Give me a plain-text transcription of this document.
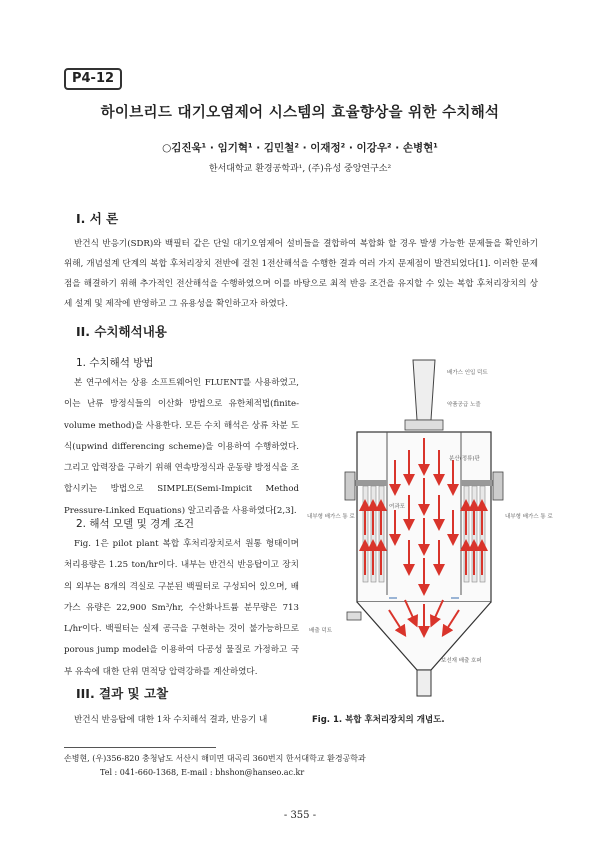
P4-12
하이브리드 대기오염제어 시스템의 효율향상을 위한 수치해석
○김진욱¹ · 임기혁¹ · 김민철² · 이재정² · 이강우² · 손병현¹
한서대학교 환경공학과¹, (주)유성 중앙연구소²
I. 서 론
반건식 반응기(SDR)와 백필터 같은 단일 대기오염제어 설비들을 결합하여 복합화 할 경우 발생 가능한 문제들을 확인하기 위해, 개념설계 단계의 복합 후처리장치 전반에 걸친 1전산해석을 수행한 결과 여러 가지 문제점이 발견되었다[1]. 이러한 문제점을 해결하기 위해 추가적인 전산해석을 수행하였으며 이를 바탕으로 최적 반응 조건을 유지할 수 있는 복합 후처리장치의 상세 설계 및 제작에 반영하고 그 유용성을 확인하고자 하였다.
II. 수치해석내용
1. 수치해석 방법
본 연구에서는 상용 소프트웨어인 FLUENT를 사용하였고, 이는 난류 방정식들의 이산화 방법으로 유한체적법(finite-volume method)을 사용한다. 모든 수치 해석은 상류 차분 도식(upwind differencing scheme)을 이용하여 수행하였다. 그리고 압력장을 구하기 위해 연속방정식과 운동량 방정식을 조합시키는 방법으로 SIMPLE(Semi-Impicit Method Pressure-Linked Equations) 알고리즘을 사용하였다[2,3].
2. 해석 모델 및 경계 조건
Fig. 1은 pilot plant 복합 후처리장치로서 원통 형태이며 처리용량은 1.25 ton/hr이다. 내부는 반건식 반응탑이고 장치의 외부는 8개의 격실로 구분된 백필터로 구성되어 있으며, 배가스 유량은 22,900 Sm³/hr, 수산화나트륨 분무량은 713 L/hr이다. 백필터는 실제 공극을 구현하는 것이 불가능하므로 porous jump model을 이용하여 다공성 물질로 가정하고 국부 유속에 대한 단위 면적당 압력강하를 계산하였다.
III. 결과 및 고찰
반건식 반응탑에 대한 1차 수치해석 결과, 반응기 내
배가스 인입 덕트
약품공급 노즐
분산(정류)판
여과포
내부형 배가스 통 로	내부형 배가스 통 로
배출 덕트
보선재 배출 호퍼
Fig. 1. 복합 후처리장치의 개념도.
손병현, (우)356-820 충청남도 서산시 해미면 대곡리 360번지 한서대학교 환경공학과
Tel : 041-660-1368, E-mail : bhshon@hanseo.ac.kr
- 355 -
